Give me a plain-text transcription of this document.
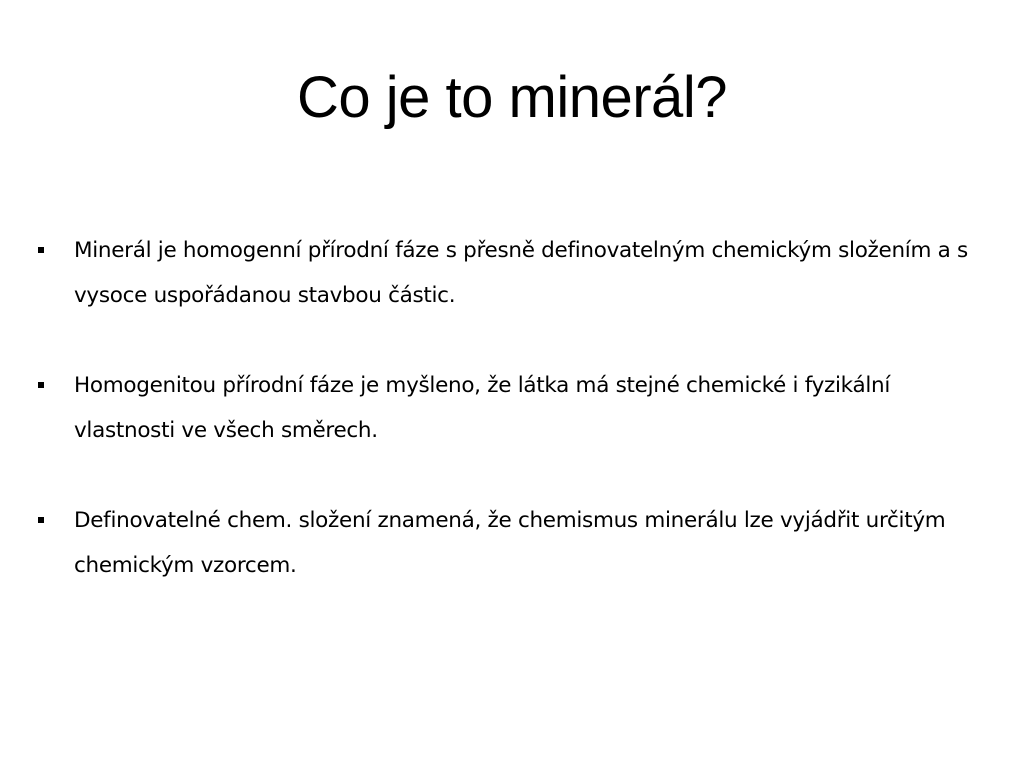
Co je to minerál?
Minerál je homogenní přírodní fáze s přesně definovatelným chemickým složením a s vysoce uspořádanou stavbou částic.
Homogenitou přírodní fáze je myšleno, že látka má stejné chemické i fyzikální vlastnosti ve všech směrech.
Definovatelné chem. složení znamená, že chemismus minerálu lze vyjádřit určitým chemickým vzorcem.
